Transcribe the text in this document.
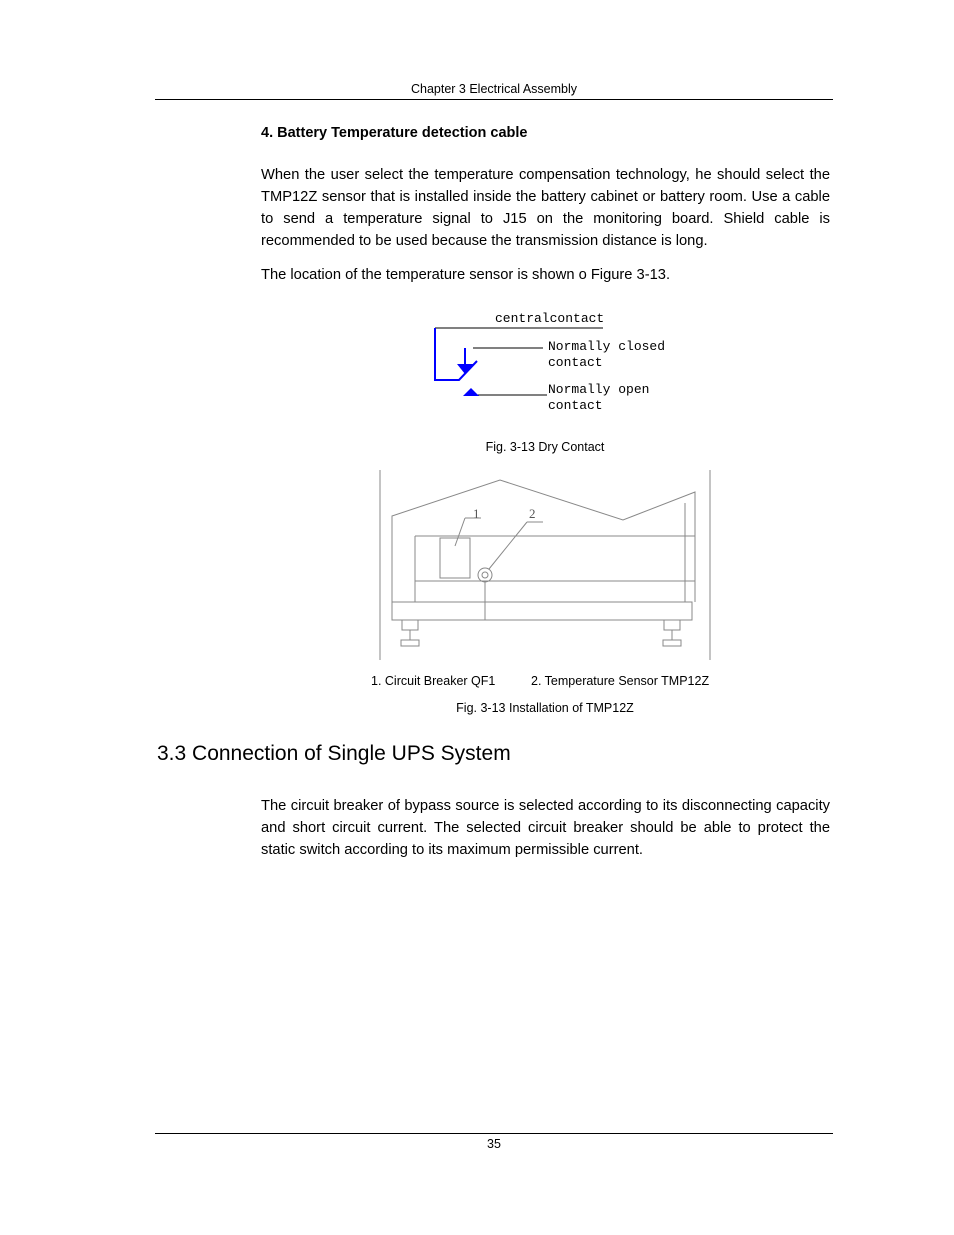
Chapter 3 Electrical Assembly
4. Battery Temperature detection cable
When the user select the temperature compensation technology, he should select the TMP12Z sensor that is installed inside the battery cabinet or battery room. Use a cable to send a temperature signal to J15 on the monitoring board. Shield cable is recommended to be used because the transmission distance is long.
The location of the temperature sensor is shown o Figure 3-13.
centralcontact
Normally closed
contact
Normally open
contact
Fig. 3-13 Dry Contact
1	2
1. Circuit Breaker QF1	2. Temperature Sensor TMP12Z
Fig. 3-13 Installation of TMP12Z
3.3 Connection of Single UPS System
The circuit breaker of bypass source is selected according to its disconnecting capacity and short circuit current. The selected circuit breaker should be able to protect the static switch according to its maximum permissible current.
35
